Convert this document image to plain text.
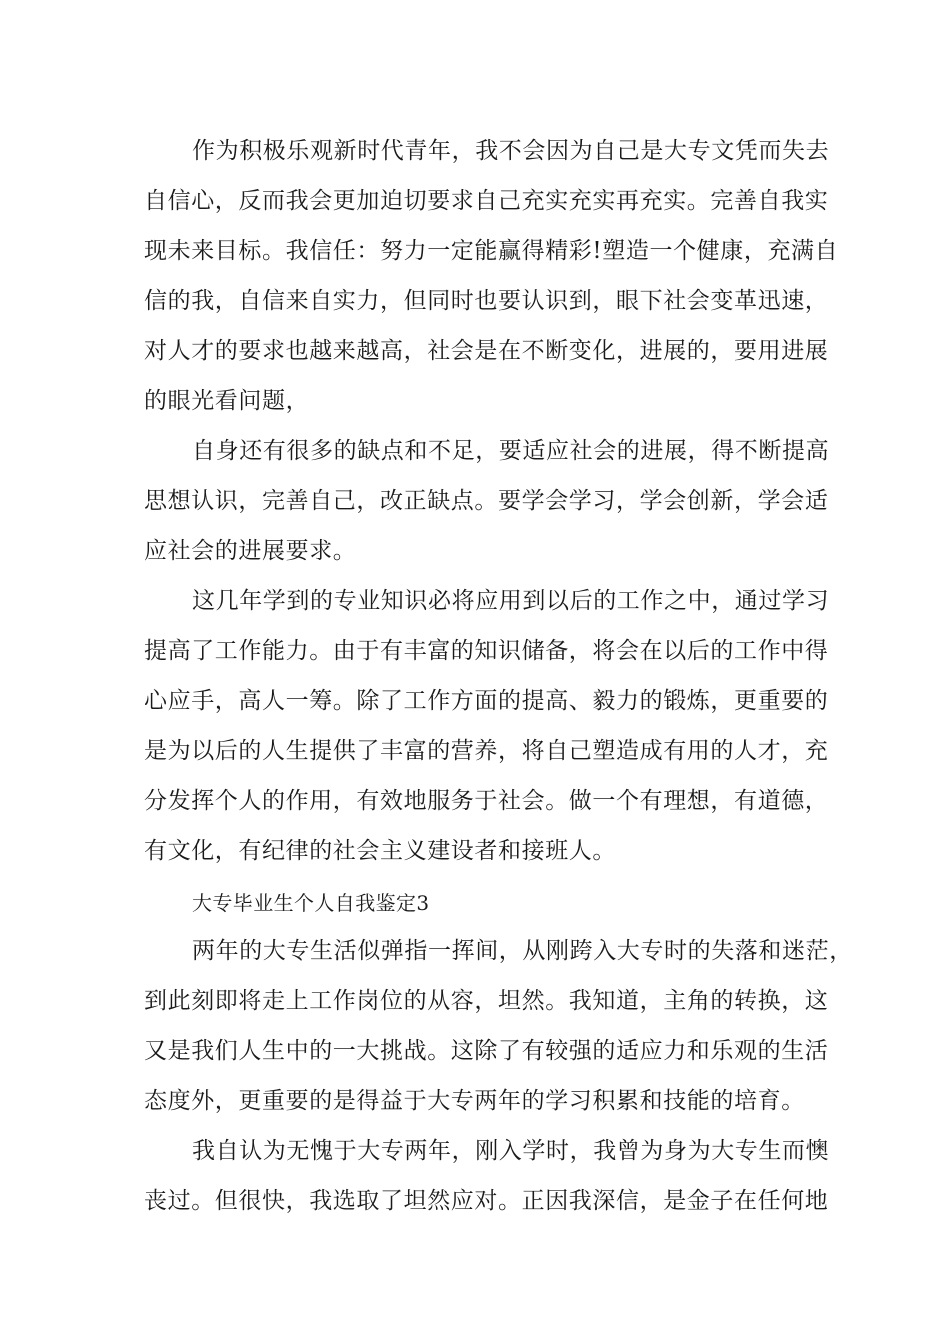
作为积极乐观新时代青年，我不会因为自己是大专文凭而失去
自信心，反而我会更加迫切要求自己充实充实再充实。完善自我实
现未来目标。我信任：努力一定能赢得精彩!塑造一个健康，充满自
信的我，自信来自实力，但同时也要认识到，眼下社会变革迅速，
对人才的要求也越来越高，社会是在不断变化，进展的，要用进展
的眼光看问题，
自身还有很多的缺点和不足，要适应社会的进展，得不断提高
思想认识，完善自己，改正缺点。要学会学习，学会创新，学会适
应社会的进展要求。
这几年学到的专业知识必将应用到以后的工作之中，通过学习
提高了工作能力。由于有丰富的知识储备，将会在以后的工作中得
心应手，高人一筹。除了工作方面的提高、毅力的锻炼，更重要的
是为以后的人生提供了丰富的营养，将自己塑造成有用的人才，充
分发挥个人的作用，有效地服务于社会。做一个有理想，有道德，
有文化，有纪律的社会主义建设者和接班人。
大专毕业生个人自我鉴定3
两年的大专生活似弹指一挥间，从刚跨入大专时的失落和迷茫，
到此刻即将走上工作岗位的从容，坦然。我知道，主角的转换，这
又是我们人生中的一大挑战。这除了有较强的适应力和乐观的生活
态度外，更重要的是得益于大专两年的学习积累和技能的培育。
我自认为无愧于大专两年，刚入学时，我曾为身为大专生而懊
丧过。但很快，我选取了坦然应对。正因我深信，是金子在任何地
